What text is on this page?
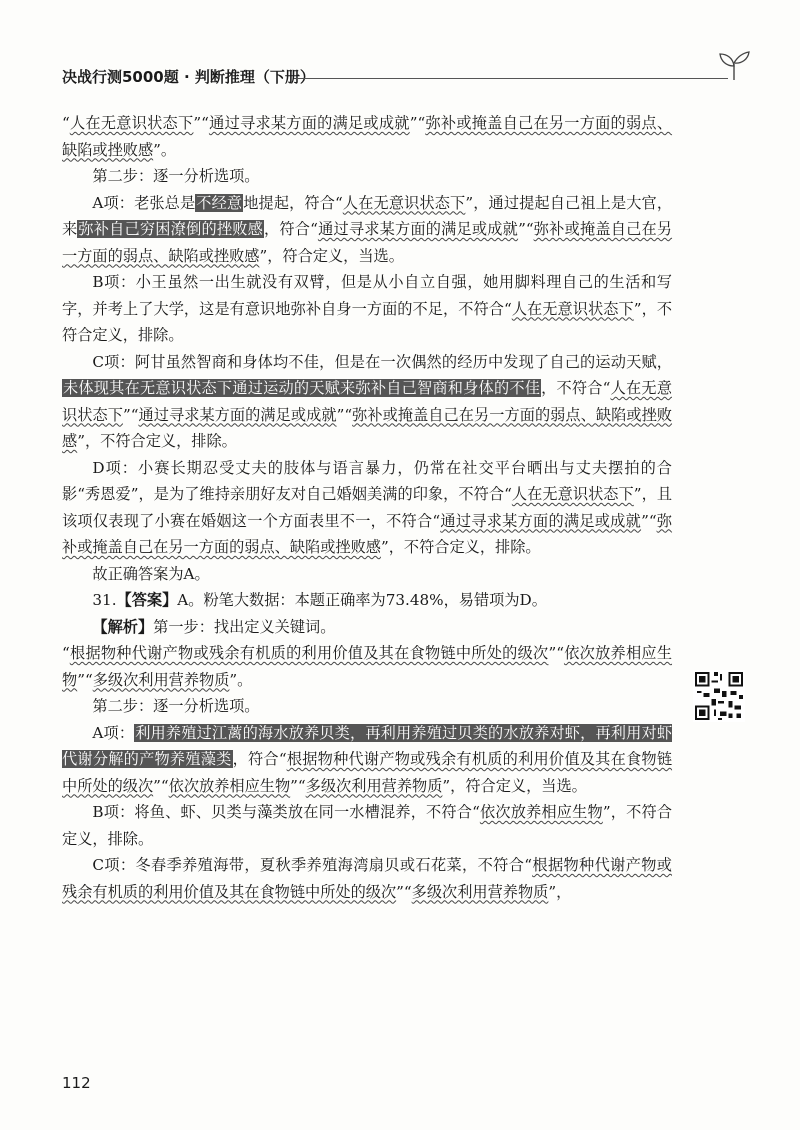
决战行测5000题 · 判断推理（下册）

“人在无意识状态下”“通过寻求某方面的满足或成就”“弥补或掩盖自己在另一方面的弱点、缺陷或挫败感”。

第二步：逐一分析选项。

A项：老张总是不经意地提起，符合“人在无意识状态下”，通过提起自己祖上是大官，来弥补自己穷困潦倒的挫败感，符合“通过寻求某方面的满足或成就”“弥补或掩盖自己在另一方面的弱点、缺陷或挫败感”，符合定义，当选。

B项：小王虽然一出生就没有双臂，但是从小自立自强，她用脚料理自己的生活和写字，并考上了大学，这是有意识地弥补自身一方面的不足，不符合“人在无意识状态下”，不符合定义，排除。

C项：阿甘虽然智商和身体均不佳，但是在一次偶然的经历中发现了自己的运动天赋，未体现其在无意识状态下通过运动的天赋来弥补自己智商和身体的不佳，不符合“人在无意识状态下”“通过寻求某方面的满足或成就”“弥补或掩盖自己在另一方面的弱点、缺陷或挫败感”，不符合定义，排除。

D项：小赛长期忍受丈夫的肢体与语言暴力，仍常在社交平台晒出与丈夫摆拍的合影“秀恩爱”，是为了维持亲朋好友对自己婚姻美满的印象，不符合“人在无意识状态下”，且该项仅表现了小赛在婚姻这一个方面表里不一，不符合“通过寻求某方面的满足或成就”“弥补或掩盖自己在另一方面的弱点、缺陷或挫败感”，不符合定义，排除。

故正确答案为A。

31.【答案】A。粉笔大数据：本题正确率为73.48%，易错项为D。

【解析】第一步：找出定义关键词。

“根据物种代谢产物或残余有机质的利用价值及其在食物链中所处的级次”“依次放养相应生物”“多级次利用营养物质”。

第二步：逐一分析选项。

A项：利用养殖过江蓠的海水放养贝类，再利用养殖过贝类的水放养对虾，再利用对虾代谢分解的产物养殖藻类，符合“根据物种代谢产物或残余有机质的利用价值及其在食物链中所处的级次”“依次放养相应生物”“多级次利用营养物质”，符合定义，当选。

B项：将鱼、虾、贝类与藻类放在同一水槽混养，不符合“依次放养相应生物”，不符合定义，排除。

C项：冬春季养殖海带，夏秋季养殖海湾扇贝或石花菜，不符合“根据物种代谢产物或残余有机质的利用价值及其在食物链中所处的级次”“多级次利用营养物质”，

112
